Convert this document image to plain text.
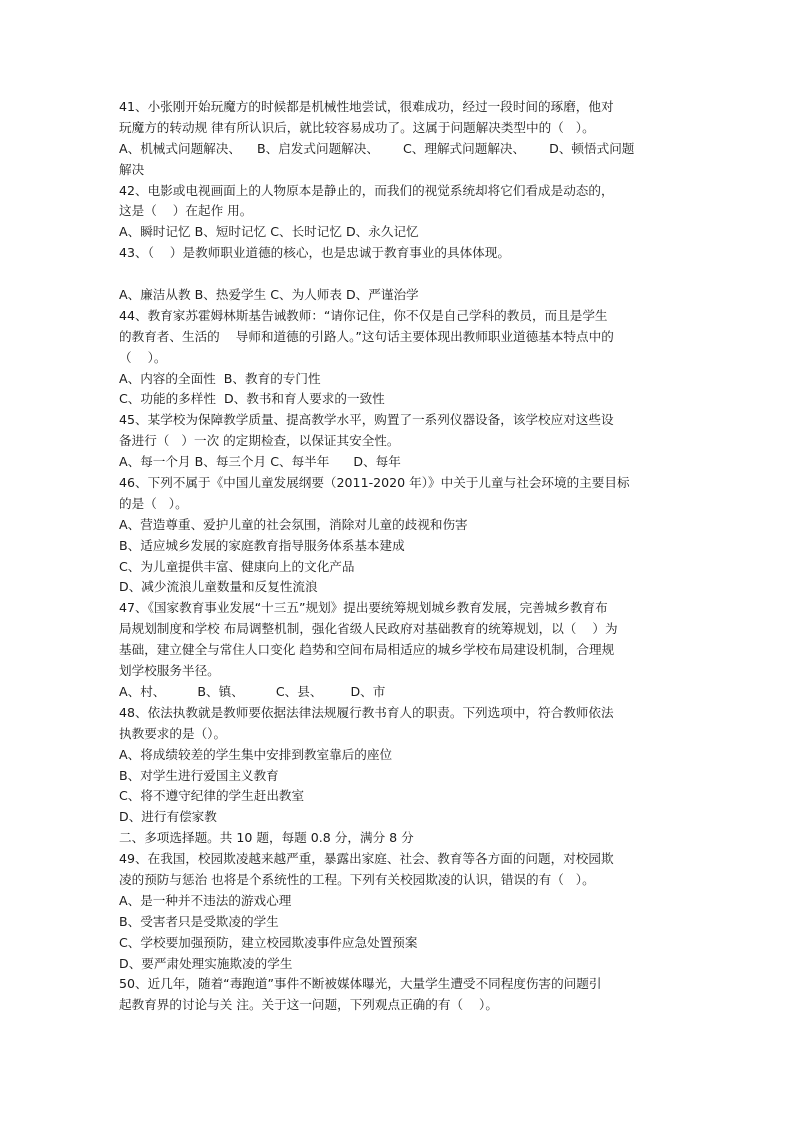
41、小张刚开始玩魔方的时候都是机械性地尝试，很难成功，经过一段时间的琢磨，他对
玩魔方的转动规 律有所认识后，就比较容易成功了。这属于问题解决类型中的（   ）。
A、机械式问题解决、    B、启发式问题解决、      C、理解式问题解决、      D、顿悟式问题
解决
42、电影或电视画面上的人物原本是静止的，而我们的视觉系统却将它们看成是动态的，
这是（    ）在起作 用。
A、瞬时记忆 B、短时记忆 C、长时记忆 D、永久记忆
43、（    ）是教师职业道德的核心，也是忠诚于教育事业的具体体现。
A、廉洁从教 B、热爱学生 C、为人师表 D、严谨治学
44、教育家苏霍姆林斯基告诫教师：“请你记住，你不仅是自己学科的教员，而且是学生
的教育者、生活的    导师和道德的引路人。”这句话主要体现出教师职业道德基本特点中的
（    ）。
A、内容的全面性  B、教育的专门性
C、功能的多样性  D、教书和育人要求的一致性
45、某学校为保障教学质量、提高教学水平，购置了一系列仪器设备，该学校应对这些设
备进行（   ）一次 的定期检查，以保证其安全性。
A、每一个月 B、每三个月 C、每半年      D、每年
46、下列不属于《中国儿童发展纲要（2011-2020 年）》中关于儿童与社会环境的主要目标
的是（   ）。
A、营造尊重、爱护儿童的社会氛围，消除对儿童的歧视和伤害
B、适应城乡发展的家庭教育指导服务体系基本建成
C、为儿童提供丰富、健康向上的文化产品
D、减少流浪儿童数量和反复性流浪
47、《国家教育事业发展“十三五”规划》提出要统筹规划城乡教育发展，完善城乡教育布
局规划制度和学校 布局调整机制，强化省级人民政府对基础教育的统筹规划，以（    ）为
基础，建立健全与常住人口变化 趋势和空间布局相适应的城乡学校布局建设机制，合理规
划学校服务半径。
A、村、        B、镇、        C、县、       D、市
48、依法执教就是教师要依据法律法规履行教书育人的职责。下列选项中，符合教师依法
执教要求的是（）。
A、将成绩较差的学生集中安排到教室靠后的座位
B、对学生进行爱国主义教育
C、将不遵守纪律的学生赶出教室
D、进行有偿家教
二、多项选择题。共 10 题，每题 0.8 分，满分 8 分
49、在我国，校园欺凌越来越严重，暴露出家庭、社会、教育等各方面的问题，对校园欺
凌的预防与惩治 也将是个系统性的工程。下列有关校园欺凌的认识，错误的有（   ）。
A、是一种并不违法的游戏心理
B、受害者只是受欺凌的学生
C、学校要加强预防，建立校园欺凌事件应急处置预案
D、要严肃处理实施欺凌的学生
50、近几年，随着“毒跑道”事件不断被媒体曝光，大量学生遭受不同程度伤害的问题引
起教育界的讨论与关 注。关于这一问题，下列观点正确的有（    ）。
